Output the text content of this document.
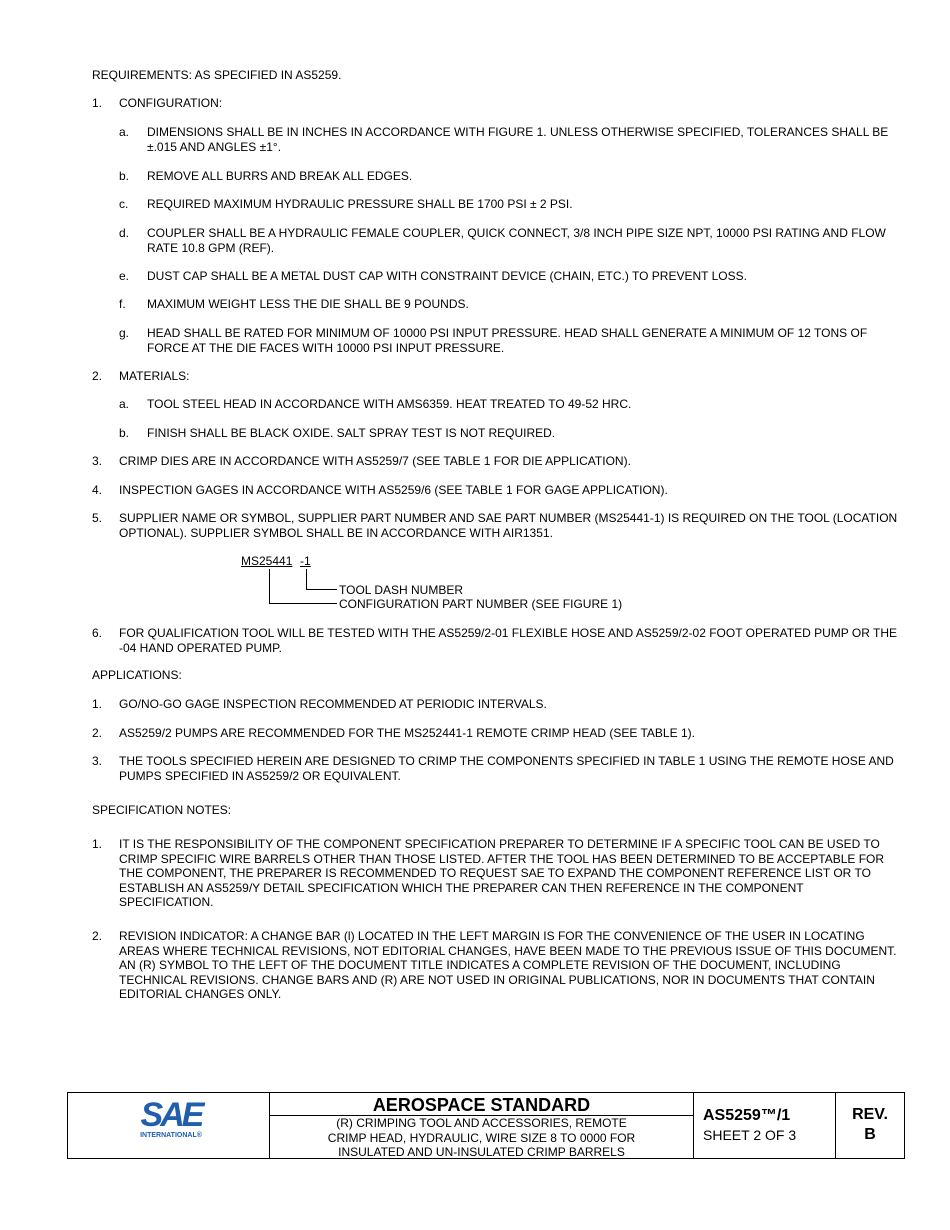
REQUIREMENTS: AS SPECIFIED IN AS5259.
1. CONFIGURATION:
a. DIMENSIONS SHALL BE IN INCHES IN ACCORDANCE WITH FIGURE 1. UNLESS OTHERWISE SPECIFIED, TOLERANCES SHALL BE ±.015 AND ANGLES ±1°.
b. REMOVE ALL BURRS AND BREAK ALL EDGES.
c. REQUIRED MAXIMUM HYDRAULIC PRESSURE SHALL BE 1700 PSI ± 2 PSI.
d. COUPLER SHALL BE A HYDRAULIC FEMALE COUPLER, QUICK CONNECT, 3/8 INCH PIPE SIZE NPT, 10000 PSI RATING AND FLOW RATE 10.8 GPM (REF).
e. DUST CAP SHALL BE A METAL DUST CAP WITH CONSTRAINT DEVICE (CHAIN, ETC.) TO PREVENT LOSS.
f. MAXIMUM WEIGHT LESS THE DIE SHALL BE 9 POUNDS.
g. HEAD SHALL BE RATED FOR MINIMUM OF 10000 PSI INPUT PRESSURE. HEAD SHALL GENERATE A MINIMUM OF 12 TONS OF FORCE AT THE DIE FACES WITH 10000 PSI INPUT PRESSURE.
2. MATERIALS:
a. TOOL STEEL HEAD IN ACCORDANCE WITH AMS6359. HEAT TREATED TO 49-52 HRC.
b. FINISH SHALL BE BLACK OXIDE. SALT SPRAY TEST IS NOT REQUIRED.
3. CRIMP DIES ARE IN ACCORDANCE WITH AS5259/7 (SEE TABLE 1 FOR DIE APPLICATION).
4. INSPECTION GAGES IN ACCORDANCE WITH AS5259/6 (SEE TABLE 1 FOR GAGE APPLICATION).
5. SUPPLIER NAME OR SYMBOL, SUPPLIER PART NUMBER AND SAE PART NUMBER (MS25441-1) IS REQUIRED ON THE TOOL (LOCATION OPTIONAL). SUPPLIER SYMBOL SHALL BE IN ACCORDANCE WITH AIR1351.
MS25441 -1
TOOL DASH NUMBER
CONFIGURATION PART NUMBER (SEE FIGURE 1)
6. FOR QUALIFICATION TOOL WILL BE TESTED WITH THE AS5259/2-01 FLEXIBLE HOSE AND AS5259/2-02 FOOT OPERATED PUMP OR THE -04 HAND OPERATED PUMP.
APPLICATIONS:
1. GO/NO-GO GAGE INSPECTION RECOMMENDED AT PERIODIC INTERVALS.
2. AS5259/2 PUMPS ARE RECOMMENDED FOR THE MS252441-1 REMOTE CRIMP HEAD (SEE TABLE 1).
3. THE TOOLS SPECIFIED HEREIN ARE DESIGNED TO CRIMP THE COMPONENTS SPECIFIED IN TABLE 1 USING THE REMOTE HOSE AND PUMPS SPECIFIED IN AS5259/2 OR EQUIVALENT.
SPECIFICATION NOTES:
1. IT IS THE RESPONSIBILITY OF THE COMPONENT SPECIFICATION PREPARER TO DETERMINE IF A SPECIFIC TOOL CAN BE USED TO CRIMP SPECIFIC WIRE BARRELS OTHER THAN THOSE LISTED. AFTER THE TOOL HAS BEEN DETERMINED TO BE ACCEPTABLE FOR THE COMPONENT, THE PREPARER IS RECOMMENDED TO REQUEST SAE TO EXPAND THE COMPONENT REFERENCE LIST OR TO ESTABLISH AN AS5259/Y DETAIL SPECIFICATION WHICH THE PREPARER CAN THEN REFERENCE IN THE COMPONENT SPECIFICATION.
2. REVISION INDICATOR: A CHANGE BAR (l) LOCATED IN THE LEFT MARGIN IS FOR THE CONVENIENCE OF THE USER IN LOCATING AREAS WHERE TECHNICAL REVISIONS, NOT EDITORIAL CHANGES, HAVE BEEN MADE TO THE PREVIOUS ISSUE OF THIS DOCUMENT. AN (R) SYMBOL TO THE LEFT OF THE DOCUMENT TITLE INDICATES A COMPLETE REVISION OF THE DOCUMENT, INCLUDING TECHNICAL REVISIONS. CHANGE BARS AND (R) ARE NOT USED IN ORIGINAL PUBLICATIONS, NOR IN DOCUMENTS THAT CONTAIN EDITORIAL CHANGES ONLY.
SAE
INTERNATIONAL®
AEROSPACE STANDARD
(R) CRIMPING TOOL AND ACCESSORIES, REMOTE
CRIMP HEAD, HYDRAULIC, WIRE SIZE 8 TO 0000 FOR
INSULATED AND UN-INSULATED CRIMP BARRELS
AS5259™/1
SHEET 2 OF 3
REV.
B
